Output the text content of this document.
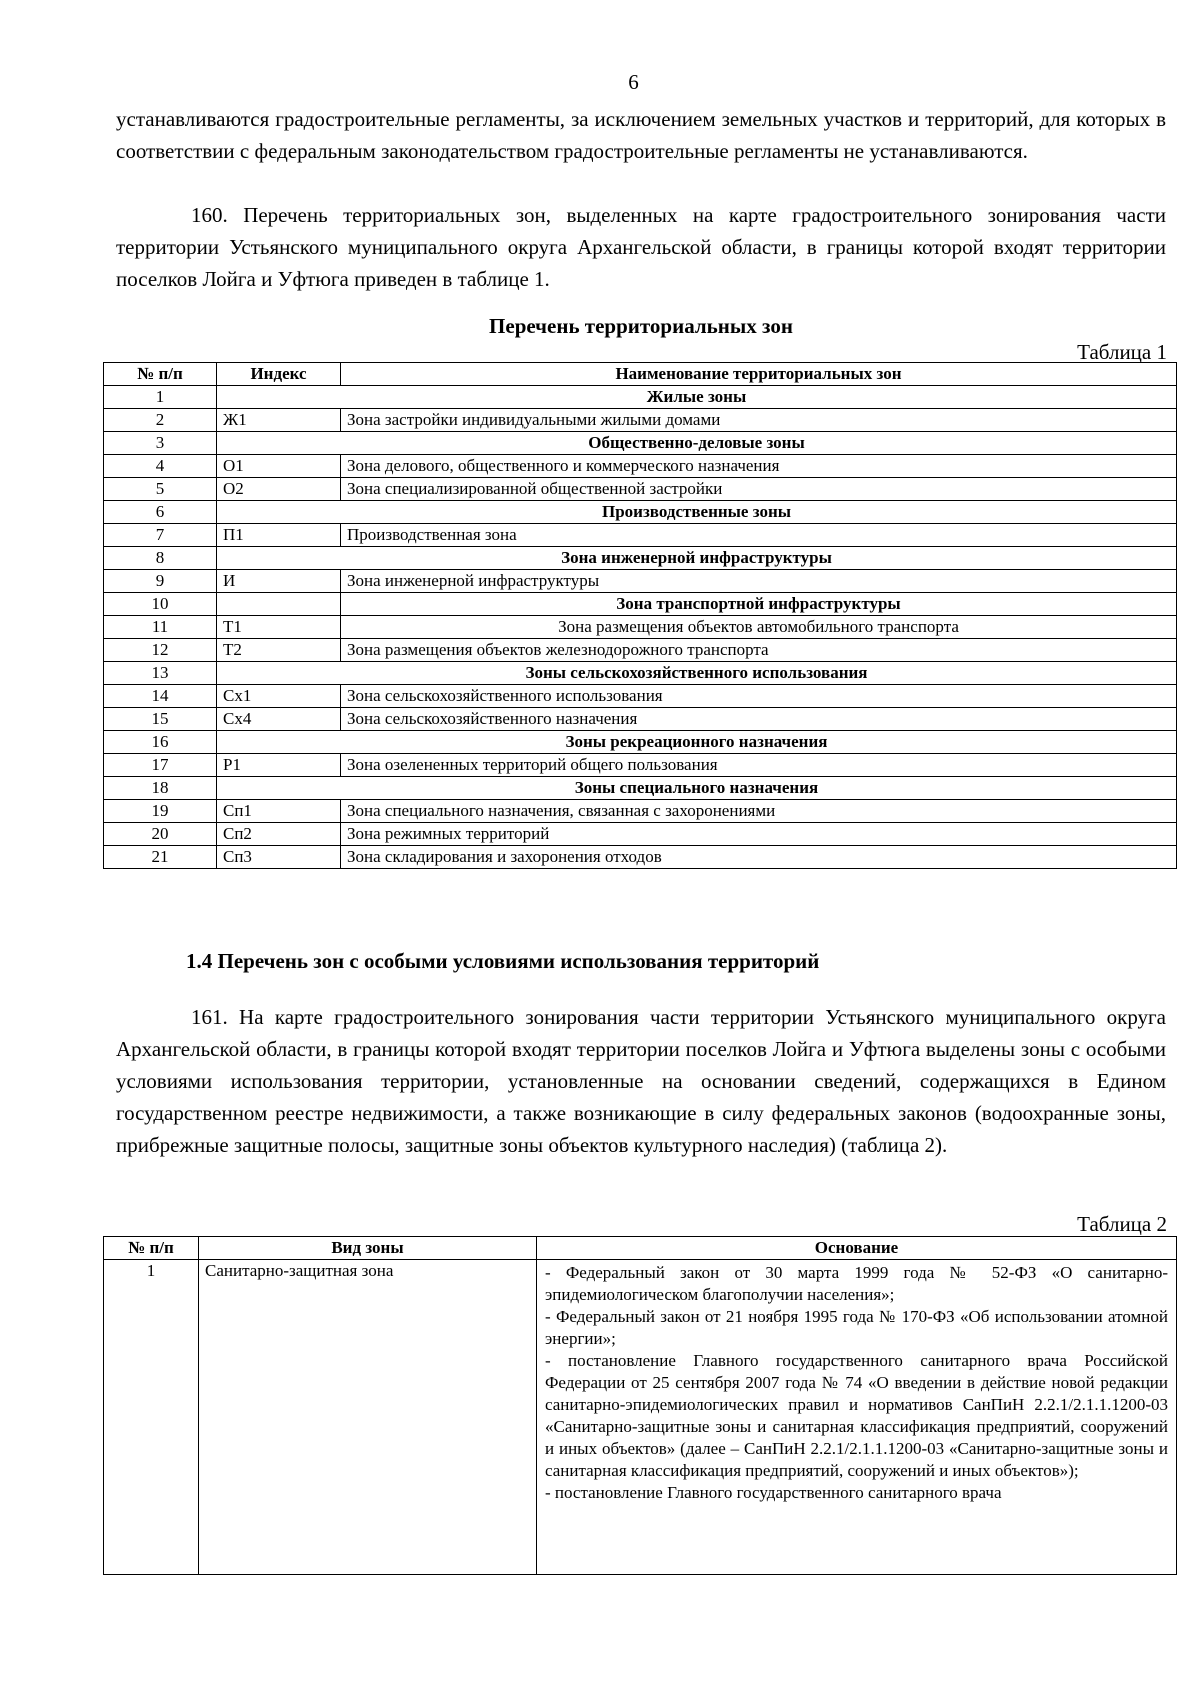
6
устанавливаются градостроительные регламенты, за исключением земельных участков и территорий, для которых в соответствии с федеральным законодательством градостроительные регламенты не устанавливаются.
160. Перечень территориальных зон, выделенных на карте градостроительного зонирования части территории Устьянского муниципального округа Архангельской области, в границы которой входят территории поселков Лойга и Уфтюга приведен в таблице 1.
Перечень территориальных зон
Таблица 1
№ п/п	Индекс	Наименование территориальных зон
1	Жилые зоны	
2	Ж1	Зона застройки индивидуальными жилыми домами
3	Общественно-деловые зоны	
4	О1	Зона делового, общественного и коммерческого назначения
5	О2	Зона специализированной общественной застройки
6	Производственные зоны	
7	П1	Производственная зона
8	Зона инженерной инфраструктуры	
9	И	Зона инженерной инфраструктуры
10		Зона транспортной инфраструктуры
11	Т1	Зона размещения объектов автомобильного транспорта
12	Т2	Зона размещения объектов железнодорожного транспорта
13	Зоны сельскохозяйственного использования	
14	Сх1	Зона сельскохозяйственного использования
15	Сх4	Зона сельскохозяйственного назначения
16	Зоны рекреационного назначения	
17	Р1	Зона озелененных территорий общего пользования
18	Зоны специального назначения	
19	Сп1	Зона специального назначения, связанная с захоронениями
20	Сп2	Зона режимных территорий
21	Сп3	Зона складирования и захоронения отходов
1.4 Перечень зон с особыми условиями использования территорий
161. На карте градостроительного зонирования части территории Устьянского муниципального округа Архангельской области, в границы которой входят территории поселков Лойга и Уфтюга выделены зоны с особыми условиями использования территории, установленные на основании сведений, содержащихся в Едином государственном реестре недвижимости, а также возникающие в силу федеральных законов (водоохранные зоны, прибрежные защитные полосы, защитные зоны объектов культурного наследия) (таблица 2).
Таблица 2
№ п/п	Вид зоны	Основание
1	Санитарно-защитная зона	- Федеральный закон от 30 марта 1999 года № 52-ФЗ «О санитарно-эпидемиологическом благополучии населения»;
- Федеральный закон от 21 ноября 1995 года № 170-ФЗ «Об использовании атомной энергии»;
- постановление Главного государственного санитарного врача Российской Федерации от 25 сентября 2007 года № 74 «О введении в действие новой редакции санитарно-эпидемиологических правил и нормативов СанПиН 2.2.1/2.1.1.1200-03 «Санитарно-защитные зоны и санитарная классификация предприятий, сооружений и иных объектов» (далее – СанПиН 2.2.1/2.1.1.1200-03 «Санитарно-защитные зоны и санитарная классификация предприятий, сооружений и иных объектов»);
- постановление Главного государственного санитарного врача
